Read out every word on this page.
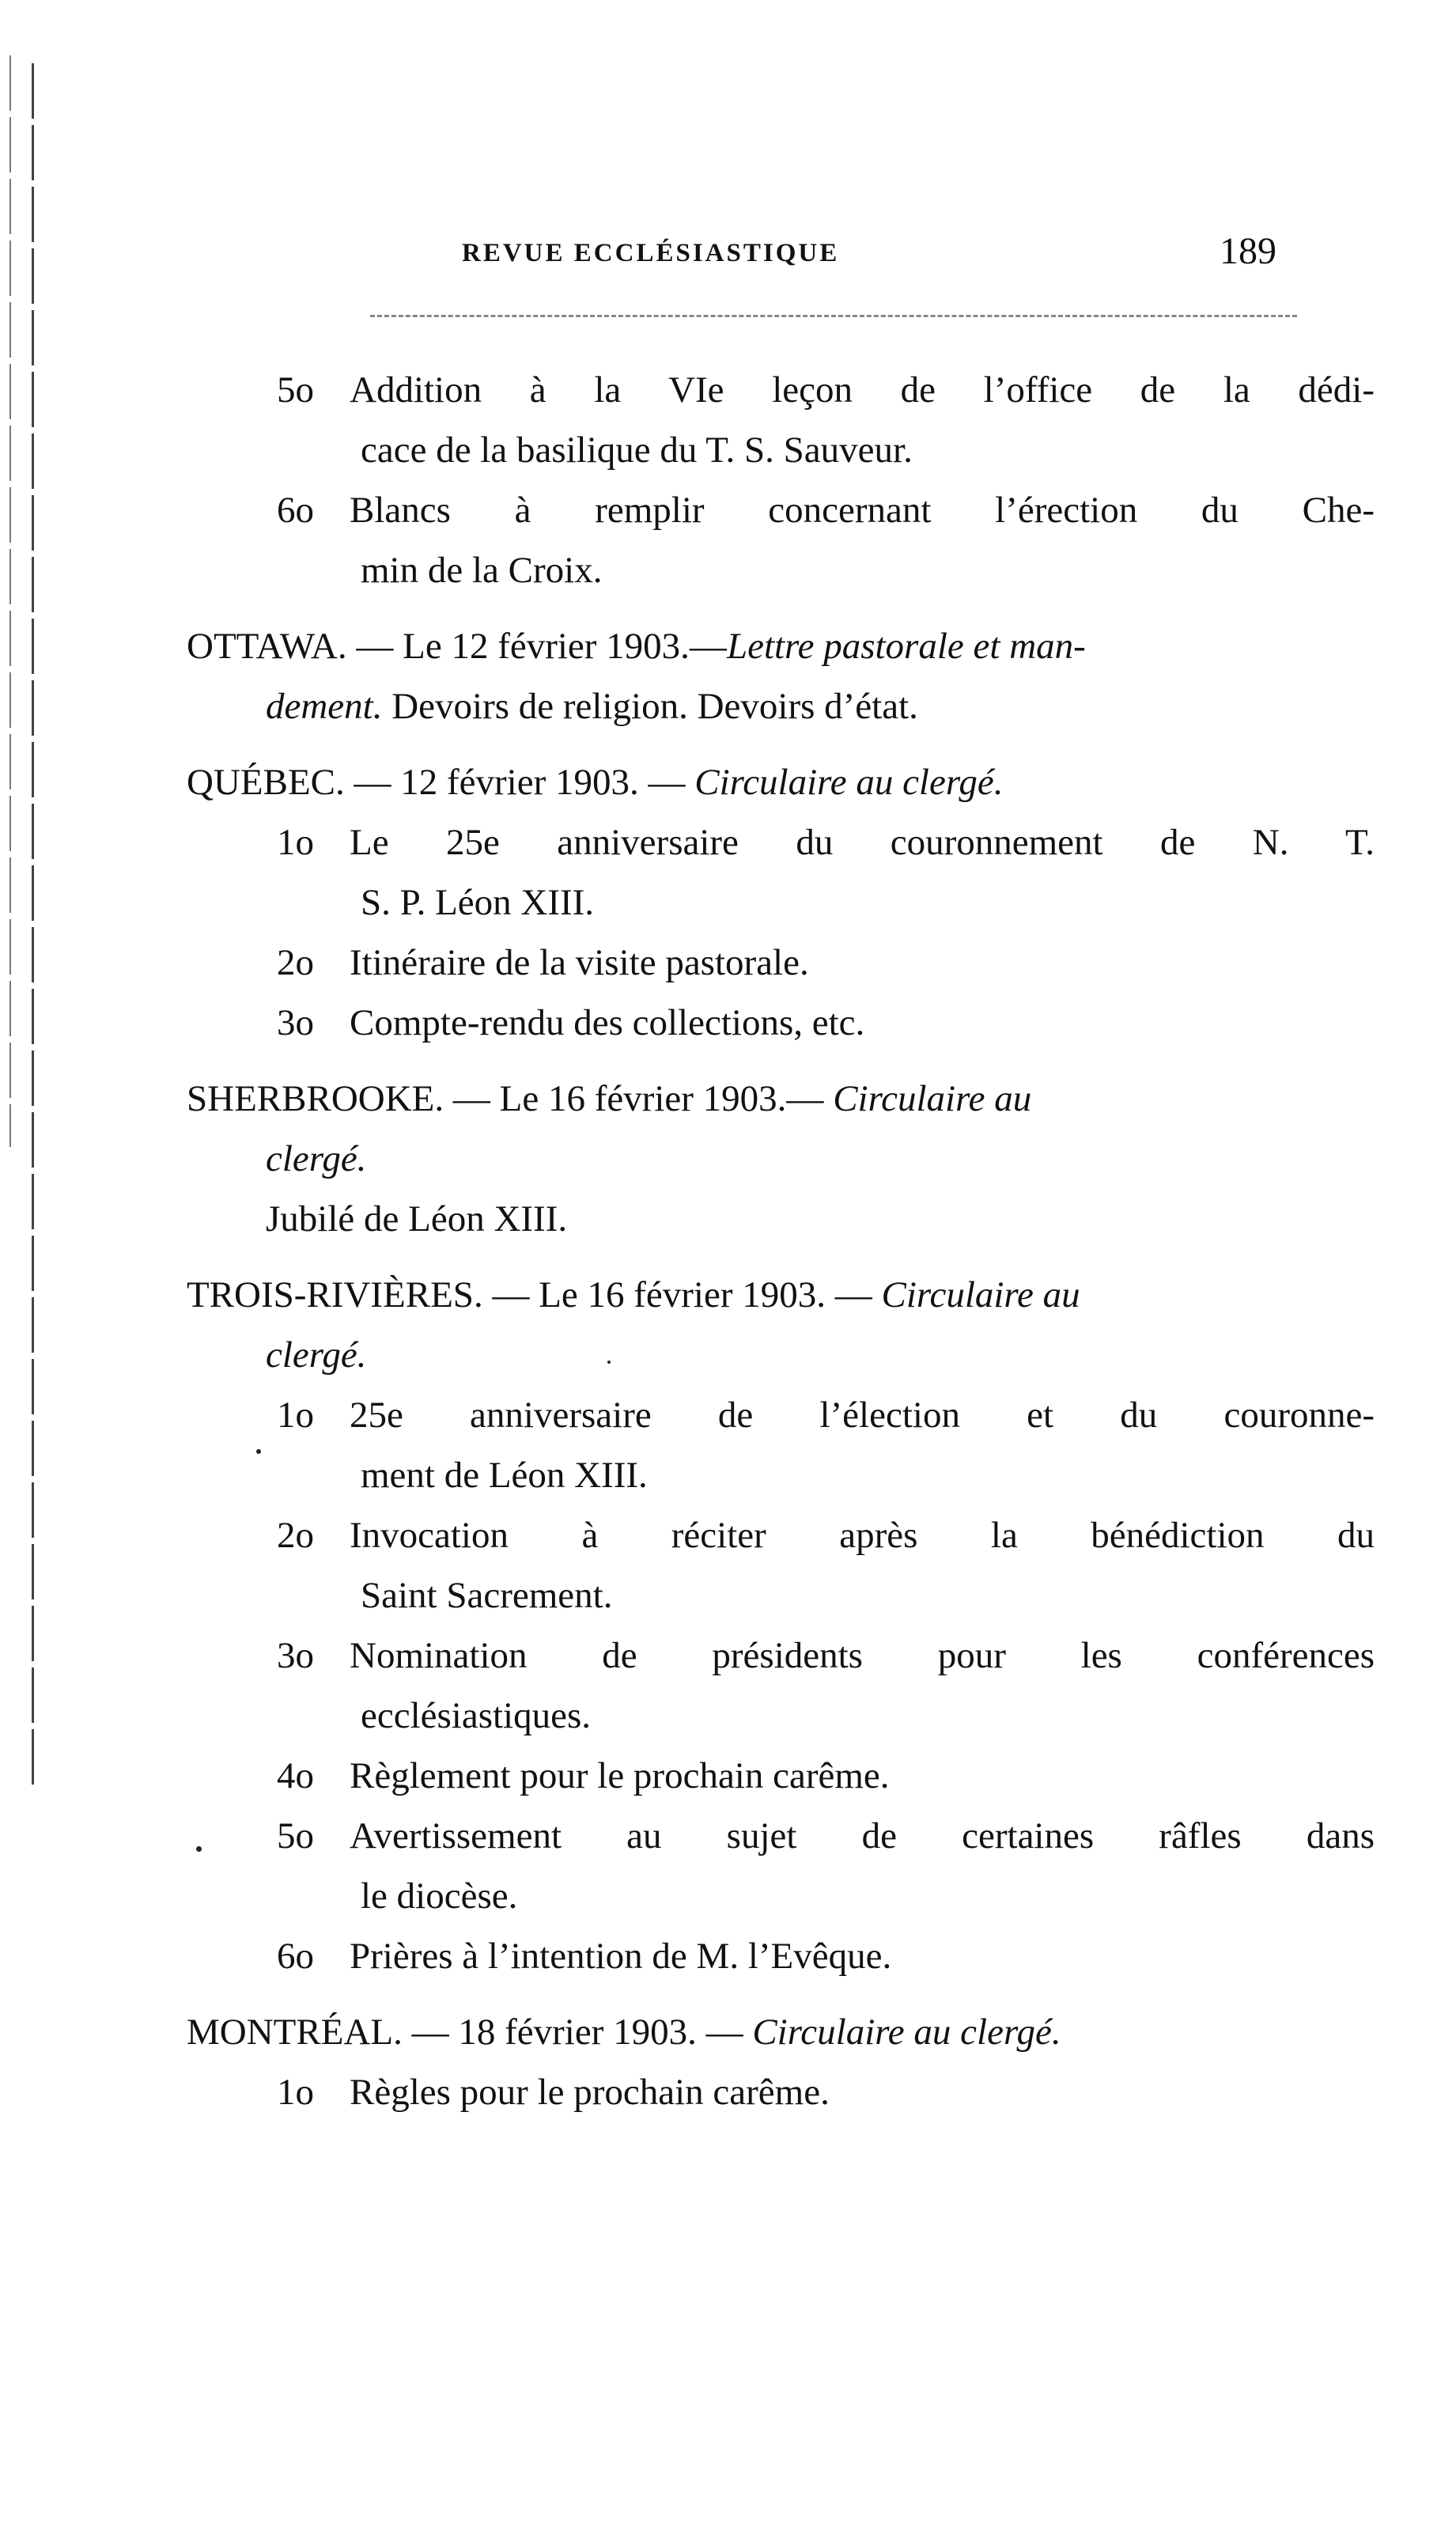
REVUE ECCLÉSIASTIQUE	189
5o Addition à la VIe leçon de l’office de la dédi-
cace de la basilique du T. S. Sauveur.
6o Blancs à remplir concernant l’érection du Che-
min de la Croix.
OTTAWA. — Le 12 février 1903.—Lettre pastorale et man-
dement. Devoirs de religion. Devoirs d’état.
QUÉBEC. — 12 février 1903. — Circulaire au clergé.
1o Le 25e anniversaire du couronnement de N. T.
S. P. Léon XIII.
2o Itinéraire de la visite pastorale.
3o Compte-rendu des collections, etc.
SHERBROOKE. — Le 16 février 1903.— Circulaire au
clergé.
Jubilé de Léon XIII.
TROIS-RIVIÈRES. — Le 16 février 1903. — Circulaire au
clergé.
1o 25e anniversaire de l’élection et du couronne-
ment de Léon XIII.
2o Invocation à réciter après la bénédiction du
Saint Sacrement.
3o Nomination de présidents pour les conférences
ecclésiastiques.
4o Règlement pour le prochain carême.
5o Avertissement au sujet de certaines râfles dans
le diocèse.
6o Prières à l’intention de M. l’Evêque.
MONTRÉAL. — 18 février 1903. — Circulaire au clergé.
1o Règles pour le prochain carême.
